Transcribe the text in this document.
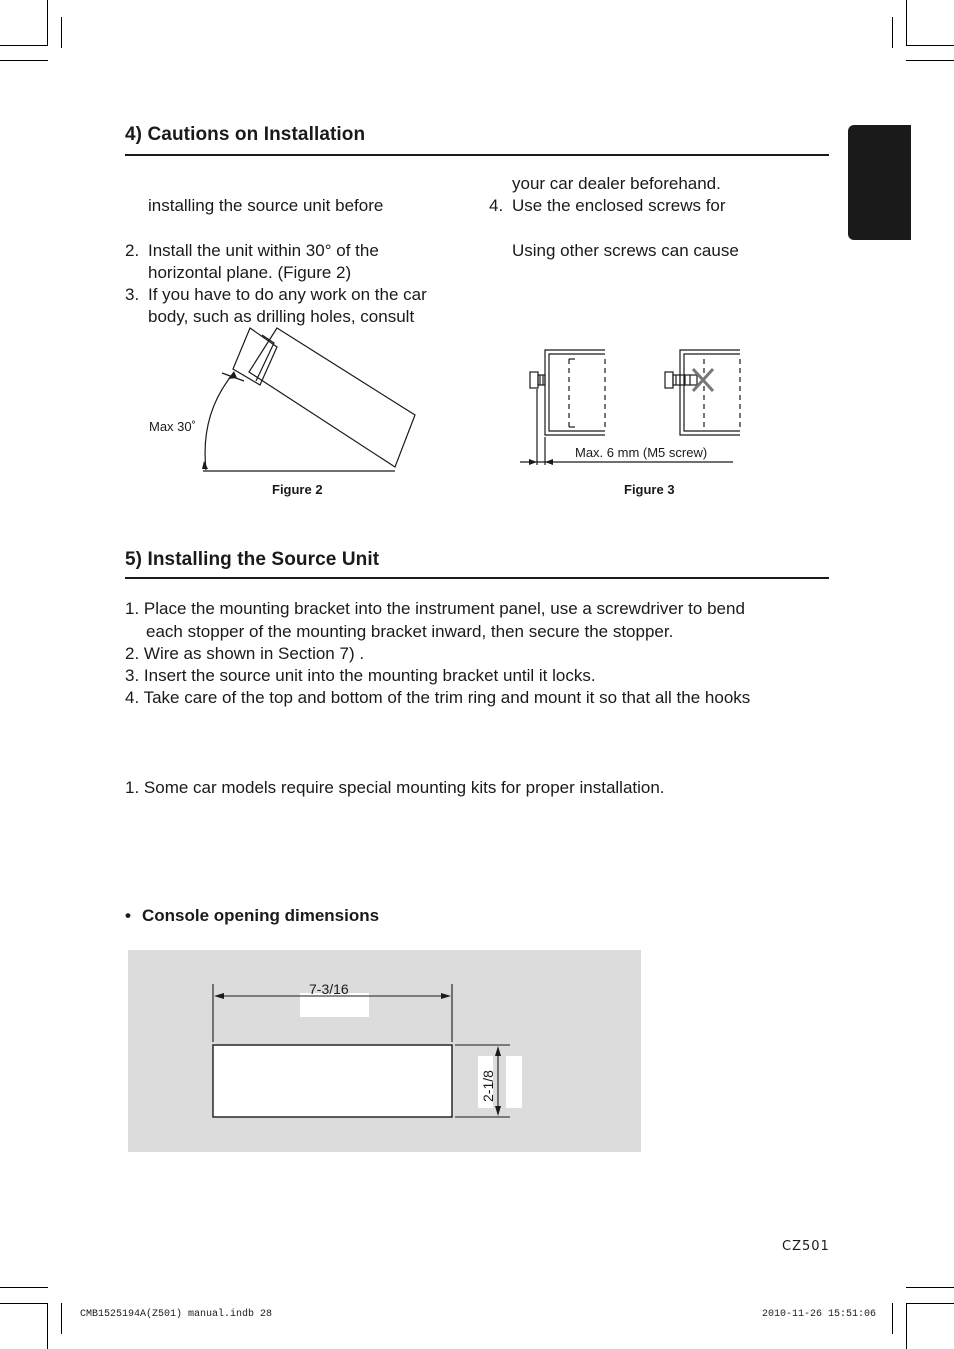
4) Cautions on Installation
installing the source unit before
2. Install the unit within 30° of the
horizontal plane. (Figure 2)
3. If you have to do any work on the car
body, such as drilling holes, consult
your car dealer beforehand.
4. Use the enclosed screws for
Using other screws can cause
Max 30˚
Figure 2
Max. 6 mm (M5 screw)
Figure 3
5) Installing the Source Unit
1. Place the mounting bracket into the instrument panel, use a screwdriver to bend
each stopper of the mounting bracket inward, then secure the stopper.
2. Wire as shown in Section 7) .
3. Insert the source unit into the mounting bracket until it locks.
4. Take care of the top and bottom of the trim ring and mount it so that all the hooks
1. Some car models require special mounting kits for proper installation.
• Console opening dimensions
7-3/16
2-1/8
CZ501
CMB1525194A(Z501) manual.indb 28	2010-11-26 15:51:06
